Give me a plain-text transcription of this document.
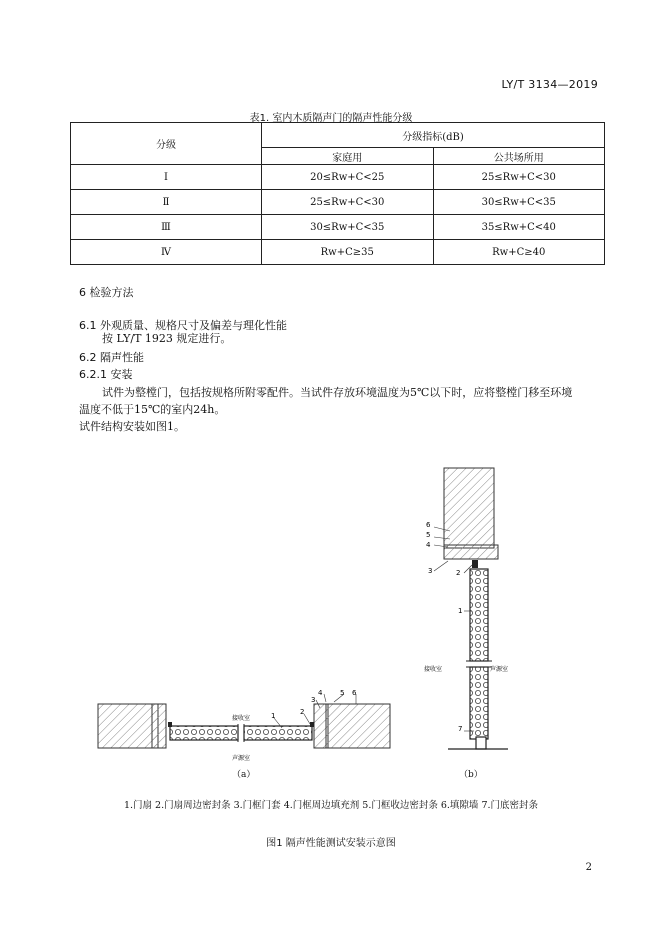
LY/T 3134—2019
表1. 室内木质隔声门的隔声性能分级
分级	分级指标(dB)	
	家庭用	公共场所用
Ⅰ	20≤Rw+C<25	25≤Rw+C<30
Ⅱ	25≤Rw+C<30	30≤Rw+C<35
Ⅲ	30≤Rw+C<35	35≤Rw+C<40
Ⅳ	Rw+C≥35	Rw+C≥40
6 检验方法
6.1 外观质量、规格尺寸及偏差与理化性能
按 LY/T 1923 规定进行。
6.2 隔声性能
6.2.1 安装
试件为整樘门，包括按规格所附零配件。当试件存放环境温度为5℃以下时，应将整樘门移至环境
温度不低于15℃的室内24h。
试件结构安装如图1。
1	2
3
4	5 6
接收室
声源室
（a）
6
5
4
3	2
1
7
接收室	声源室
（b）
1.门扇 2.门扇周边密封条 3.门框门套 4.门框周边填充剂 5.门框收边密封条 6.填隙墙 7.门底密封条
图1 隔声性能测试安装示意图
2
